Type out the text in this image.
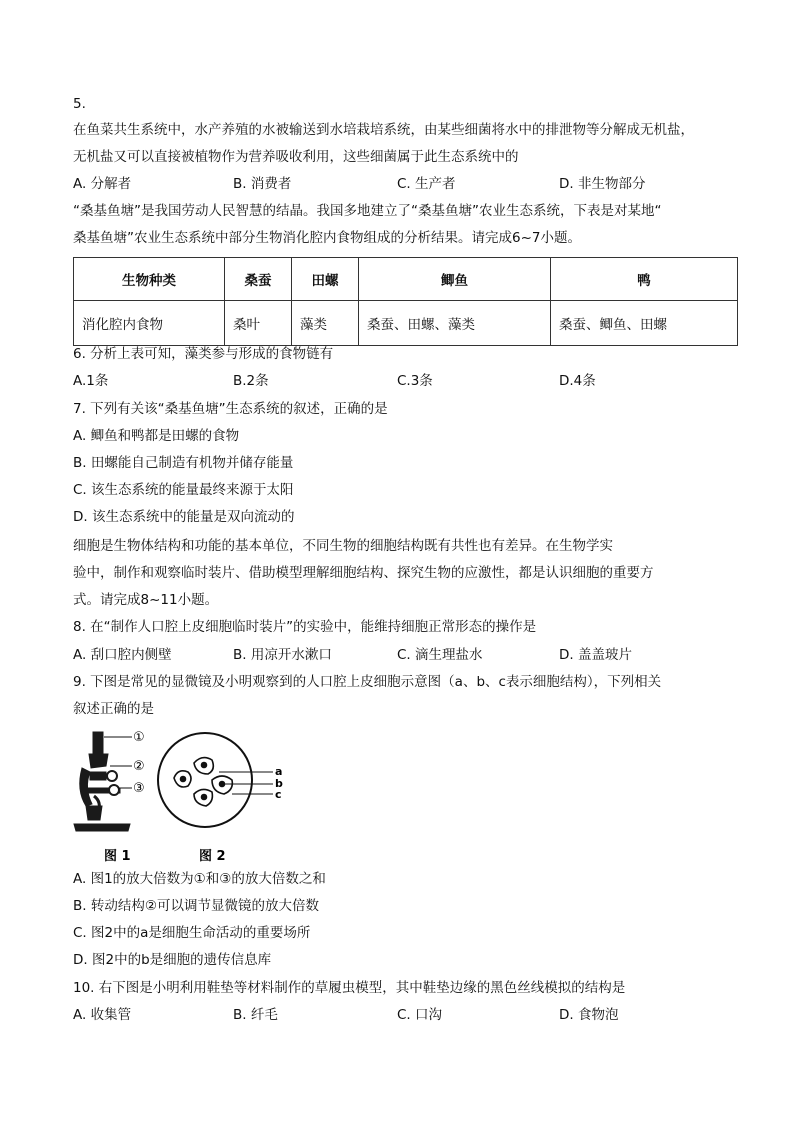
5.
在鱼菜共生系统中，水产养殖的水被输送到水培栽培系统，由某些细菌将水中的排泄物等分解成无机盐，
无机盐又可以直接被植物作为营养吸收利用，这些细菌属于此生态系统中的
A. 分解者	B. 消费者	C. 生产者	D. 非生物部分
“桑基鱼塘”是我国劳动人民智慧的结晶。我国多地建立了“桑基鱼塘”农业生态系统，下表是对某地“
桑基鱼塘”农业生态系统中部分生物消化腔内食物组成的分析结果。请完成6~7小题。
生物种类	桑蚕	田螺	鲫鱼	鸭
消化腔内食物	桑叶	藻类	桑蚕、田螺、藻类	桑蚕、鲫鱼、田螺
6. 分析上表可知，藻类参与形成的食物链有
A.1条	B.2条	C.3条	D.4条
7. 下列有关该“桑基鱼塘”生态系统的叙述，正确的是
A. 鲫鱼和鸭都是田螺的食物
B. 田螺能自己制造有机物并储存能量
C. 该生态系统的能量最终来源于太阳
D. 该生态系统中的能量是双向流动的
细胞是生物体结构和功能的基本单位，不同生物的细胞结构既有共性也有差异。在生物学实
验中，制作和观察临时装片、借助模型理解细胞结构、探究生物的应激性，都是认识细胞的重要方
式。请完成8~11小题。
8. 在“制作人口腔上皮细胞临时装片”的实验中，能维持细胞正常形态的操作是
A. 刮口腔内侧壁	B. 用凉开水漱口	C. 滴生理盐水	D. 盖盖玻片
9. 下图是常见的显微镜及小明观察到的人口腔上皮细胞示意图（a、b、c表示细胞结构），下列相关
叙述正确的是
①
②
③
a
b
c
图 1	图 2
A. 图1的放大倍数为①和③的放大倍数之和
B. 转动结构②可以调节显微镜的放大倍数
C. 图2中的a是细胞生命活动的重要场所
D. 图2中的b是细胞的遗传信息库
10. 右下图是小明利用鞋垫等材料制作的草履虫模型，其中鞋垫边缘的黑色丝线模拟的结构是
A. 收集管	B. 纤毛	C. 口沟	D. 食物泡
